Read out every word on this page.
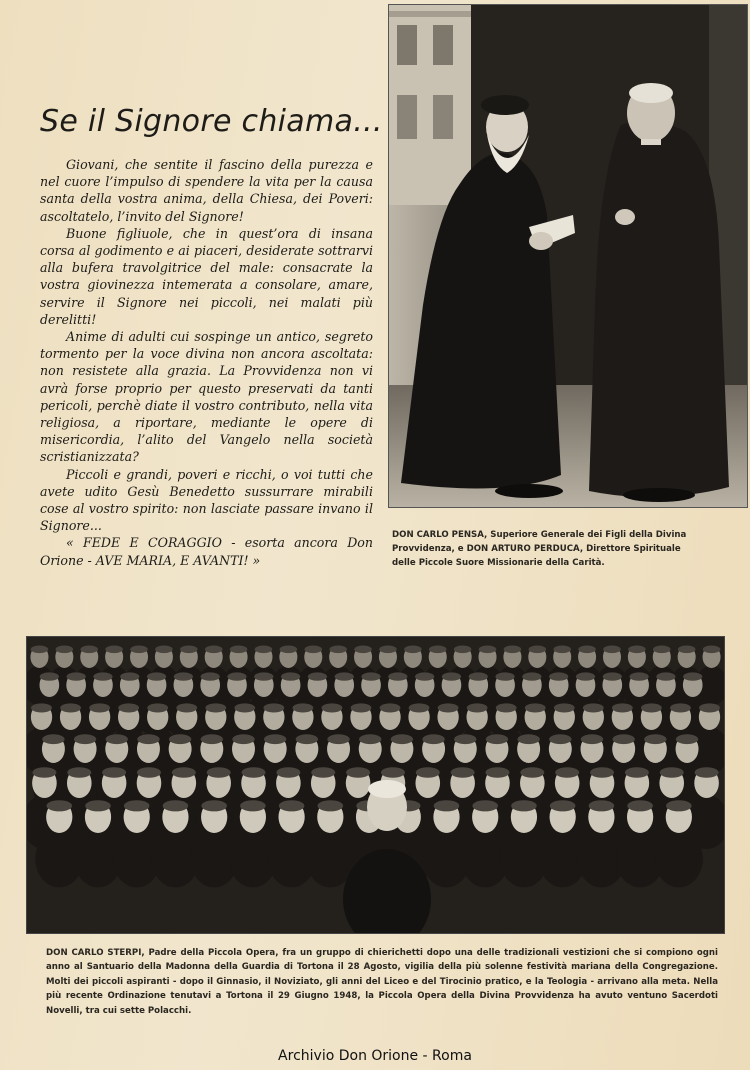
Se il Signore chiama...

Giovani, che sentite il fascino della purezza e nel cuore l’impulso di spendere la vita per la causa santa della vostra anima, della Chiesa, dei Poveri: ascoltatelo, l’invito del Signore!

Buone figliuole, che in quest’ora di insana corsa al godimento e ai piaceri, desiderate sottrarvi alla bufera travolgitrice del male: consacrate la vostra giovinezza intemerata a consolare, amare, servire il Signore nei piccoli, nei malati più derelitti!

Anime di adulti cui sospinge un antico, segreto tormento per la voce divina non ancora ascoltata: non resistete alla grazia. La Provvidenza non vi avrà forse proprio per questo preservati da tanti pericoli, perchè diate il vostro contributo, nella vita religiosa, a riportare, mediante le opere di misericordia, l’alito del Vangelo nella società scristianizzata?

Piccoli e grandi, poveri e ricchi, o voi tutti che avete udito Gesù Benedetto sussurrare mirabili cose al vostro spirito: non lasciate passare invano il Signore...

« FEDE E CORAGGIO - esorta ancora Don Orione - AVE MARIA, E AVANTI! »

DON CARLO PENSA, Superiore Generale dei Figli della Divina Provvidenza, e DON ARTURO PERDUCA, Direttore Spirituale delle Piccole Suore Missionarie della Carità.
DON CARLO STERPI, Padre della Piccola Opera, fra un gruppo di chierichetti dopo una delle tradizionali vestizioni che si compiono ogni anno al Santuario della Madonna della Guardia di Tortona il 28 Agosto, vigilia della più solenne festività mariana della Congregazione. Molti dei piccoli aspiranti - dopo il Ginnasio, il Noviziato, gli anni del Liceo e del Tirocinio pratico, e la Teologia - arrivano alla meta. Nella più recente Ordinazione tenutavi a Tortona il 29 Giugno 1948, la Piccola Opera della Divina Provvidenza ha avuto ventuno Sacerdoti Novelli, tra cui sette Polacchi.
Archivio Don Orione - Roma
